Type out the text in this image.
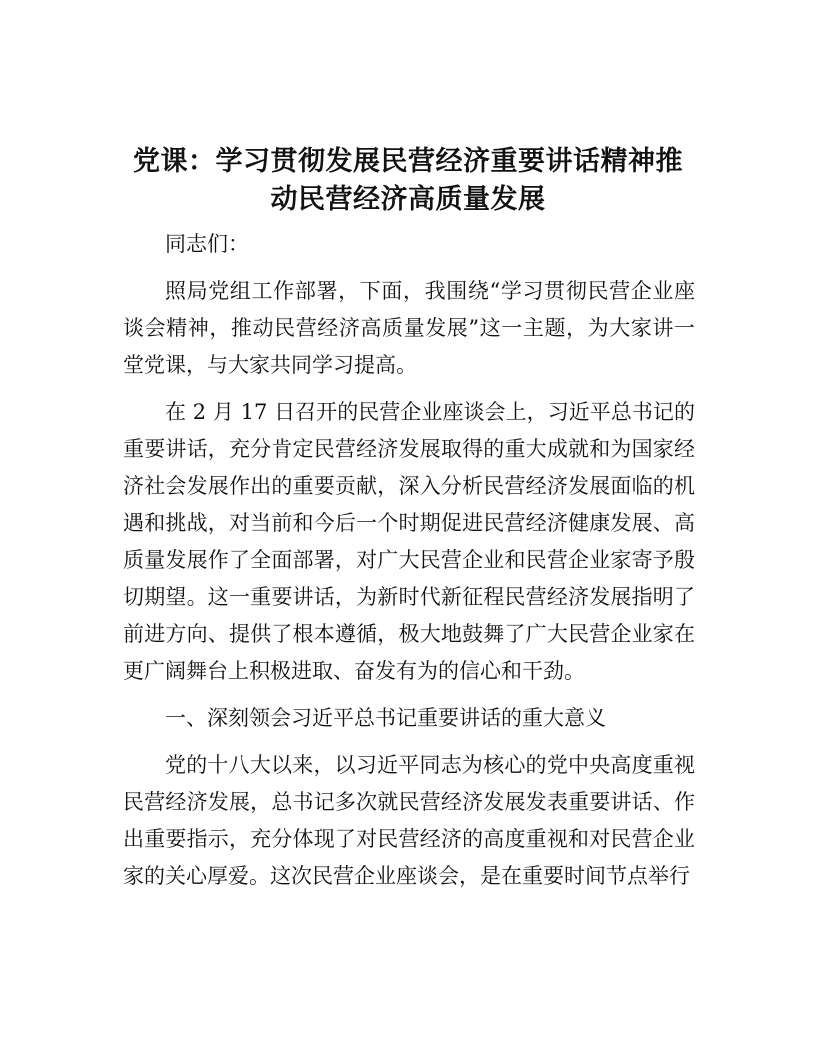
党课：学习贯彻发展民营经济重要讲话精神推
动民营经济高质量发展

同志们：

照局党组工作部署，下面，我围绕“学习贯彻民营企业座谈会精神，推动民营经济高质量发展”这一主题，为大家讲一堂党课，与大家共同学习提高。

在 2 月 17 日召开的民营企业座谈会上，习近平总书记的重要讲话，充分肯定民营经济发展取得的重大成就和为国家经济社会发展作出的重要贡献，深入分析民营经济发展面临的机遇和挑战，对当前和今后一个时期促进民营经济健康发展、高质量发展作了全面部署，对广大民营企业和民营企业家寄予殷切期望。这一重要讲话，为新时代新征程民营经济发展指明了前进方向、提供了根本遵循，极大地鼓舞了广大民营企业家在更广阔舞台上积极进取、奋发有为的信心和干劲。

一、深刻领会习近平总书记重要讲话的重大意义

党的十八大以来，以习近平同志为核心的党中央高度重视民营经济发展，总书记多次就民营经济发展发表重要讲话、作出重要指示，充分体现了对民营经济的高度重视和对民营企业家的关心厚爱。这次民营企业座谈会，是在重要时间节点举行
